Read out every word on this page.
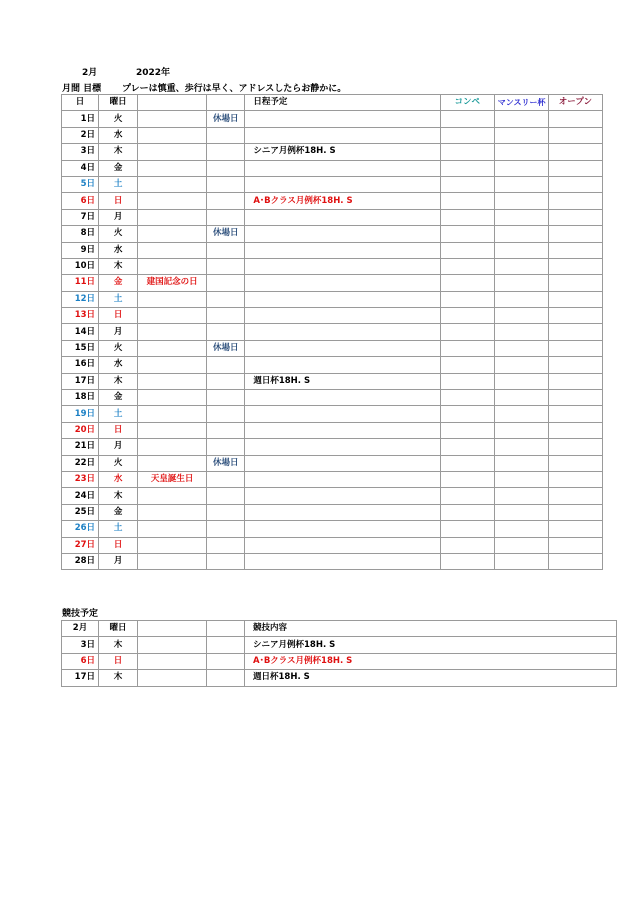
2月	2022年
月間 目標 プレーは慎重、歩行は早く、アドレスしたらお静かに。
日	曜日			日程予定	コンペ	マンスリー杯	オープン
1日	火		休場日				
2日	水						
3日	木			シニア月例杯18H. S			
4日	金						
5日	土						
6日	日			A･Bクラス月例杯18H. S			
7日	月						
8日	火		休場日				
9日	水						
10日	木						
11日	金	建国記念の日					
12日	土						
13日	日						
14日	月						
15日	火		休場日				
16日	水						
17日	木			週日杯18H. S			
18日	金						
19日	土						
20日	日						
21日	月						
22日	火		休場日				
23日	水	天皇誕生日					
24日	木						
25日	金						
26日	土						
27日	日						
28日	月						
競技予定
2月	曜日			競技内容
3日	木			シニア月例杯18H. S
6日	日			A･Bクラス月例杯18H. S
17日	木			週日杯18H. S
